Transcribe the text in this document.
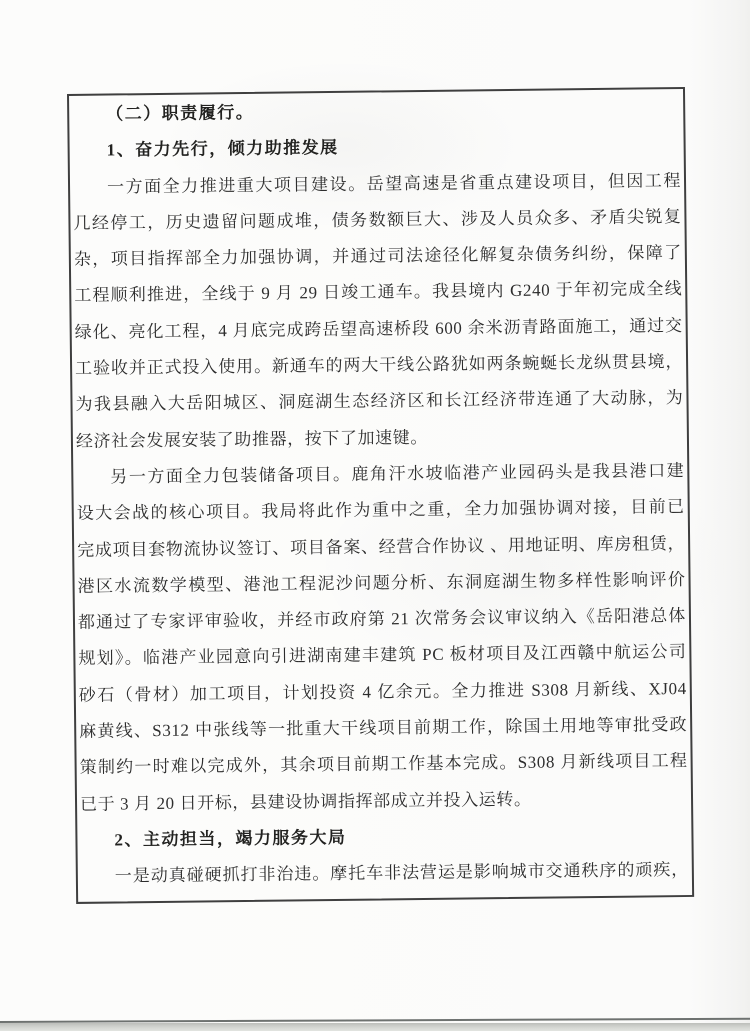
（二）职责履行。
1、奋力先行，倾力助推发展
一方面全力推进重大项目建设。岳望高速是省重点建设项目，但因工程
几经停工，历史遗留问题成堆，债务数额巨大、涉及人员众多、矛盾尖锐复
杂，项目指挥部全力加强协调，并通过司法途径化解复杂债务纠纷，保障了
工程顺利推进，全线于 9 月 29 日竣工通车。我县境内 G240 于年初完成全线
绿化、亮化工程，4 月底完成跨岳望高速桥段 600 余米沥青路面施工，通过交
工验收并正式投入使用。新通车的两大干线公路犹如两条蜿蜒长龙纵贯县境，
为我县融入大岳阳城区、洞庭湖生态经济区和长江经济带连通了大动脉，为
经济社会发展安装了助推器，按下了加速键。
另一方面全力包装储备项目。鹿角汗水坡临港产业园码头是我县港口建
设大会战的核心项目。我局将此作为重中之重，全力加强协调对接，目前已
完成项目套物流协议签订、项目备案、经营合作协议 、用地证明、库房租赁，
港区水流数学模型、港池工程泥沙问题分析、东洞庭湖生物多样性影响评价
都通过了专家评审验收，并经市政府第 21 次常务会议审议纳入《岳阳港总体
规划》。临港产业园意向引进湖南建丰建筑 PC 板材项目及江西赣中航运公司
砂石（骨材）加工项目，计划投资 4 亿余元。全力推进 S308 月新线、XJ04
麻黄线、S312 中张线等一批重大干线项目前期工作，除国土用地等审批受政
策制约一时难以完成外，其余项目前期工作基本完成。S308 月新线项目工程
已于 3 月 20 日开标，县建设协调指挥部成立并投入运转。
2、主动担当，竭力服务大局
一是动真碰硬抓打非治违。摩托车非法营运是影响城市交通秩序的顽疾，
